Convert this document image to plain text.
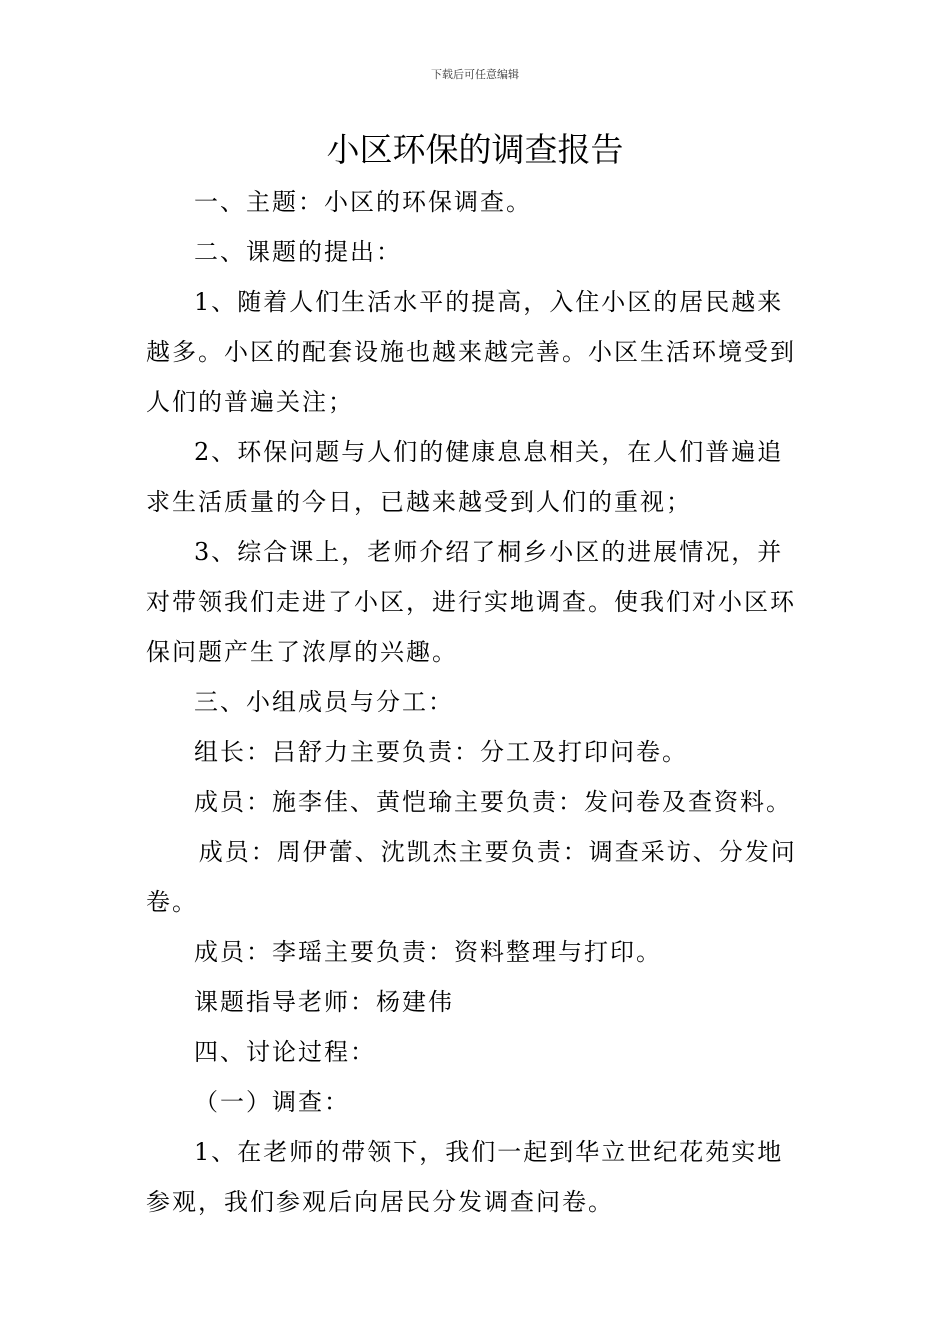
下载后可任意编辑
小区环保的调查报告

一、主题：小区的环保调查。

二、课题的提出：

1、随着人们生活水平的提高，入住小区的居民越来越多。小区的配套设施也越来越完善。小区生活环境受到人们的普遍关注；

2、环保问题与人们的健康息息相关，在人们普遍追求生活质量的今日，已越来越受到人们的重视；

3、综合课上，老师介绍了桐乡小区的进展情况，并对带领我们走进了小区，进行实地调查。使我们对小区环保问题产生了浓厚的兴趣。

三、小组成员与分工：

组长：吕舒力主要负责：分工及打印问卷。

成员：施李佳、黄恺瑜主要负责：发问卷及查资料。

成员：周伊蕾、沈凯杰主要负责：调查采访、分发问卷。

成员：李瑶主要负责：资料整理与打印。

课题指导老师：杨建伟

四、讨论过程：

（一）调查：

1、在老师的带领下，我们一起到华立世纪花苑实地参观，我们参观后向居民分发调查问卷。
